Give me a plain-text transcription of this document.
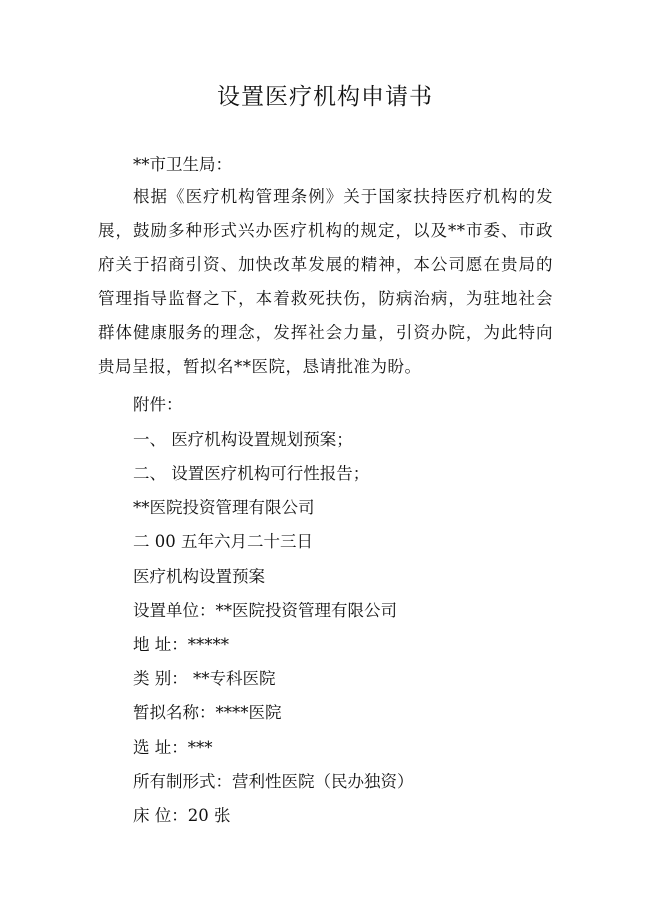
设置医疗机构申请书
**市卫生局：
根据《医疗机构管理条例》关于国家扶持医疗机构的发展，鼓励多种形式兴办医疗机构的规定，以及**市委、市政府关于招商引资、加快改革发展的精神，本公司愿在贵局的管理指导监督之下，本着救死扶伤，防病治病，为驻地社会群体健康服务的理念，发挥社会力量，引资办院，为此特向贵局呈报，暂拟名**医院，恳请批准为盼。
附件：
一、 医疗机构设置规划预案；
二、 设置医疗机构可行性报告；
**医院投资管理有限公司
二 00 五年六月二十三日
医疗机构设置预案
设置单位：**医院投资管理有限公司
地 址：*****
类 别： **专科医院
暂拟名称：****医院
选 址：***
所有制形式：营利性医院（民办独资）
床 位：20 张
